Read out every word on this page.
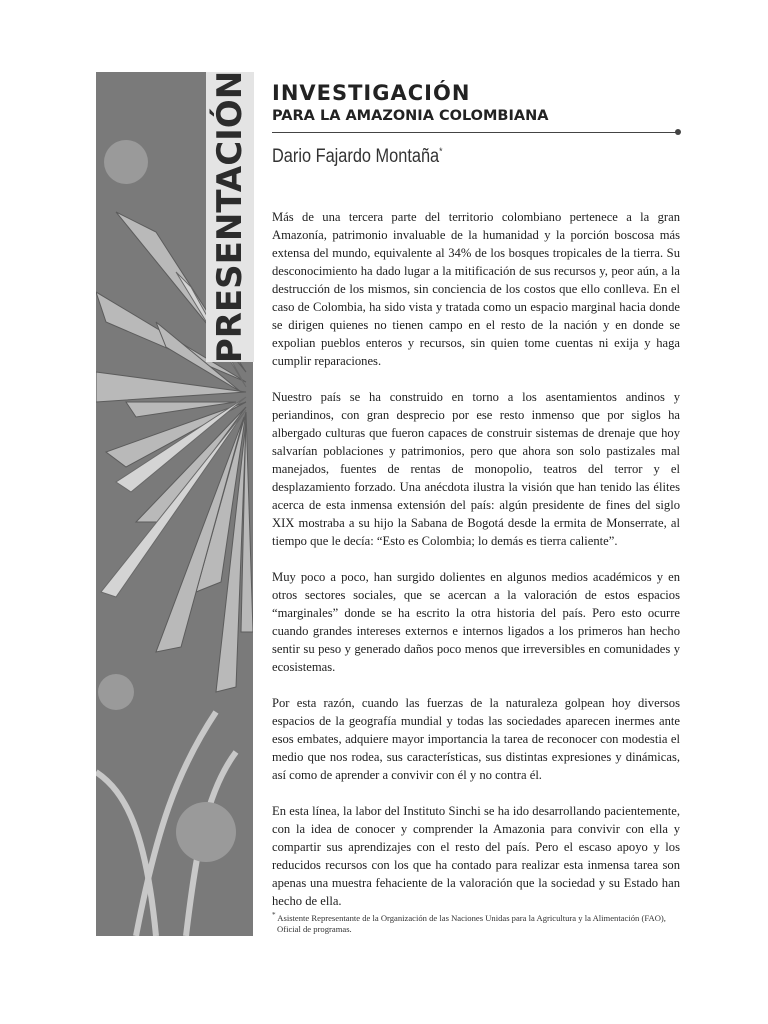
PRESENTACIÓN INVESTIGACIÓN
PARA LA AMAZONIA COLOMBIANA
Dario Fajardo Montaña*

Más de una tercera parte del territorio colombiano pertenece a la gran Amazonía, patrimonio invaluable de la humanidad y la porción boscosa más extensa del mundo, equivalente al 34% de los bosques tropicales de la tierra. Su desconocimiento ha dado lugar a la mitificación de sus recursos y, peor aún, a la destrucción de los mismos, sin conciencia de los costos que ello conlleva. En el caso de Colombia, ha sido vista y tratada como un espacio marginal hacia donde se dirigen quienes no tienen campo en el resto de la nación y en donde se expolian pueblos enteros y recursos, sin quien tome cuentas ni exija y haga cumplir reparaciones.

Nuestro país se ha construido en torno a los asentamientos andinos y periandinos, con gran desprecio por ese resto inmenso que por siglos ha albergado culturas que fueron capaces de construir sistemas de drenaje que hoy salvarían poblaciones y patrimonios, pero que ahora son solo pastizales mal manejados, fuentes de rentas de monopolio, teatros del terror y el desplazamiento forzado. Una anécdota ilustra la visión que han tenido las élites acerca de esta inmensa extensión del país: algún presidente de fines del siglo XIX mostraba a su hijo la Sabana de Bogotá desde la ermita de Monserrate, al tiempo que le decía: “Esto es Colombia; lo demás es tierra caliente”.

Muy poco a poco, han surgido dolientes en algunos medios académicos y en otros sectores sociales, que se acercan a la valoración de estos espacios “marginales” donde se ha escrito la otra historia del país. Pero esto ocurre cuando grandes intereses externos e internos ligados a los primeros han hecho sentir su peso y generado daños poco menos que irreversibles en comunidades y ecosistemas.

Por esta razón, cuando las fuerzas de la naturaleza golpean hoy diversos espacios de la geografía mundial y todas las sociedades aparecen inermes ante esos embates, adquiere mayor importancia la tarea de reconocer con modestia el medio que nos rodea, sus características, sus distintas expresiones y dinámicas, así como de aprender a convivir con él y no contra él.

En esta línea, la labor del Instituto Sinchi se ha ido desarrollando pacientemente, con la idea de conocer y comprender la Amazonia para convivir con ella y compartir sus aprendizajes con el resto del país. Pero el escaso apoyo y los reducidos recursos con los que ha contado para realizar esta inmensa tarea son apenas una muestra fehaciente de la valoración que la sociedad y su Estado han hecho de ella.

* Asistente Representante de la Organización de las Naciones Unidas para la Agricultura y la Alimentación (FAO),
Oficial de programas.
